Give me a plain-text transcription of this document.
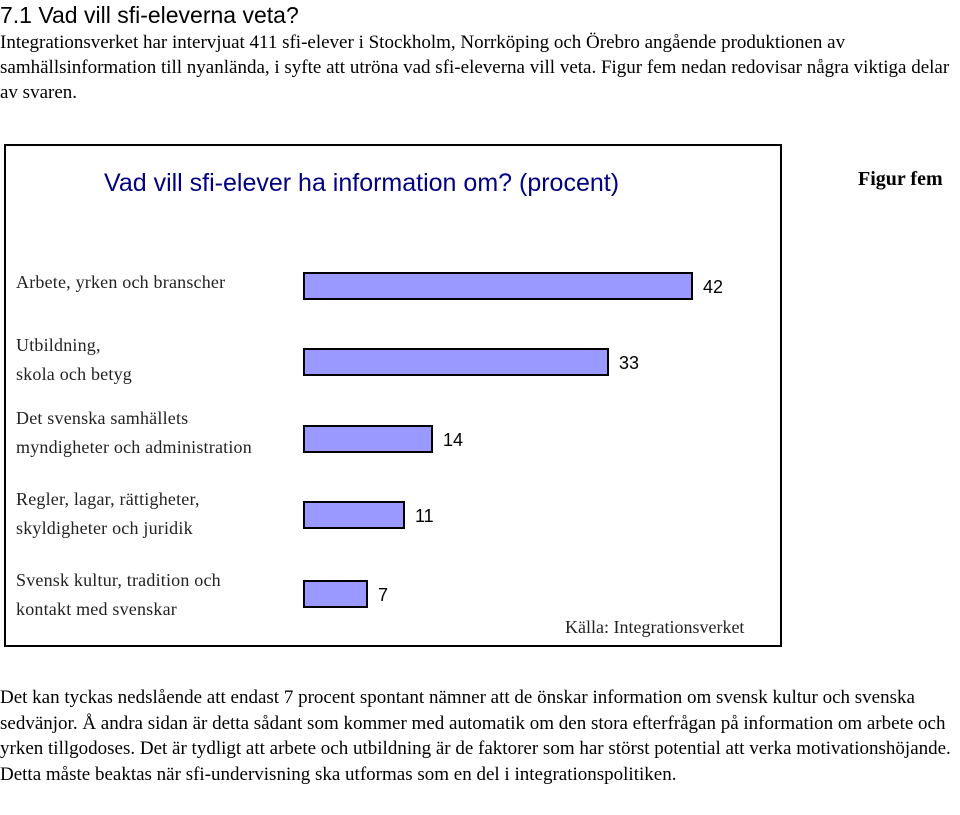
7.1 Vad vill sfi-eleverna veta?

Integrationsverket har intervjuat 411 sfi-elever i Stockholm, Norrköping och Örebro angående produktionen av samhällsinformation till nyanlända, i syfte att utröna vad sfi-eleverna vill veta. Figur fem nedan redovisar några viktiga delar av svaren.

Vad vill sfi-elever ha information om? (procent)	Figur fem
Arbete, yrken och branscher	42
Utbildning,
skola och betyg
33
Det svenska samhällets
myndigheter och administration	14
Regler, lagar, rättigheter,
skyldigheter och juridik
11
Svensk kultur, tradition och
kontakt med svenskar
7
Källa: Integrationsverket

Det kan tyckas nedslående att endast 7 procent spontant nämner att de önskar information om svensk kultur och svenska sedvänjor. Å andra sidan är detta sådant som kommer med automatik om den stora efterfrågan på information om arbete och yrken tillgodoses. Det är tydligt att arbete och utbildning är de faktorer som har störst potential att verka motivationshöjande. Detta måste beaktas när sfi-undervisning ska utformas som en del i integrationspolitiken.
